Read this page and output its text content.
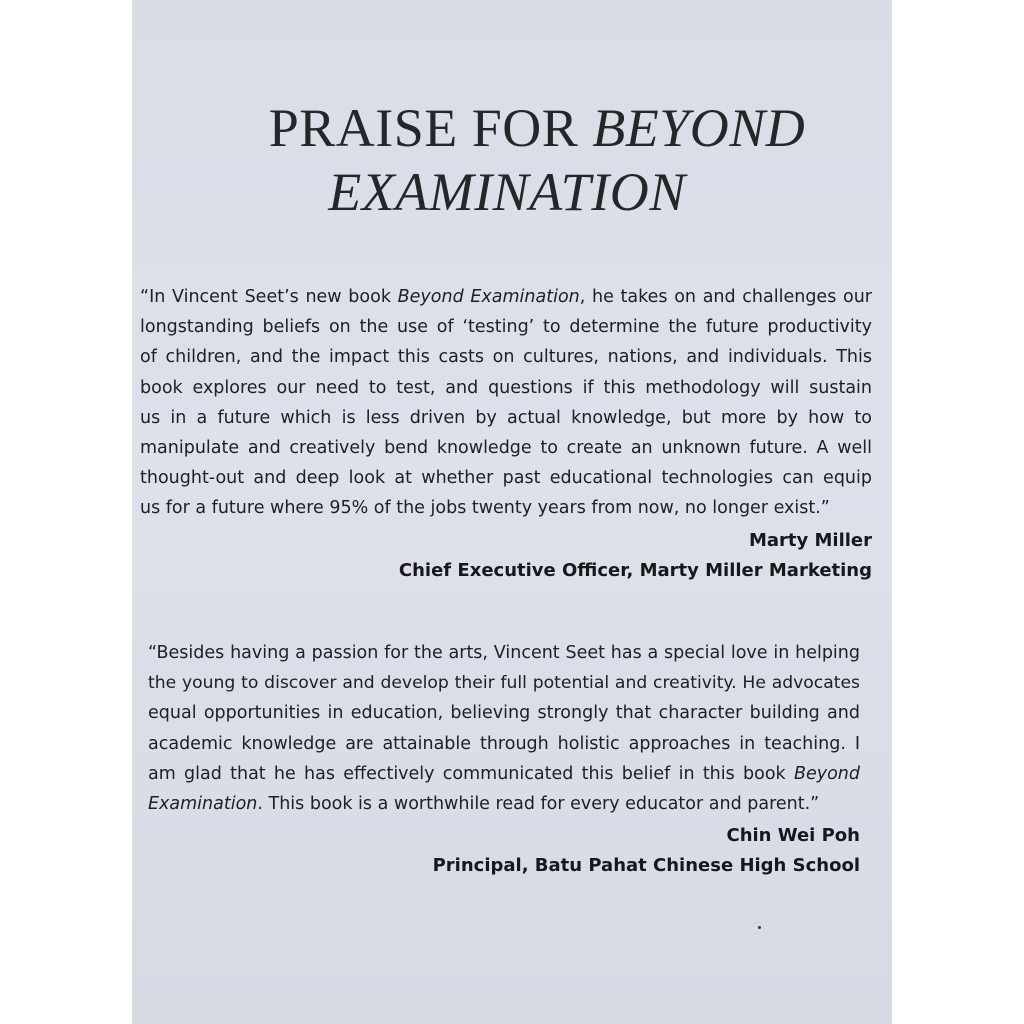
PRAISE FOR BEYOND
EXAMINATION
“In Vincent Seet’s new book Beyond Examination, he takes on and challenges our
longstanding beliefs on the use of ‘testing’ to determine the future productivity
of children, and the impact this casts on cultures, nations, and individuals. This
book explores our need to test, and questions if this methodology will sustain
us in a future which is less driven by actual knowledge, but more by how to
manipulate and creatively bend knowledge to create an unknown future. A well
thought-out and deep look at whether past educational technologies can equip
us for a future where 95% of the jobs twenty years from now, no longer exist.”
Marty Miller
Chief Executive Officer, Marty Miller Marketing
“Besides having a passion for the arts, Vincent Seet has a special love in helping
the young to discover and develop their full potential and creativity. He advocates
equal opportunities in education, believing strongly that character building and
academic knowledge are attainable through holistic approaches in teaching. I
am glad that he has effectively communicated this belief in this book Beyond
Examination. This book is a worthwhile read for every educator and parent.”
Chin Wei Poh
Principal, Batu Pahat Chinese High School
